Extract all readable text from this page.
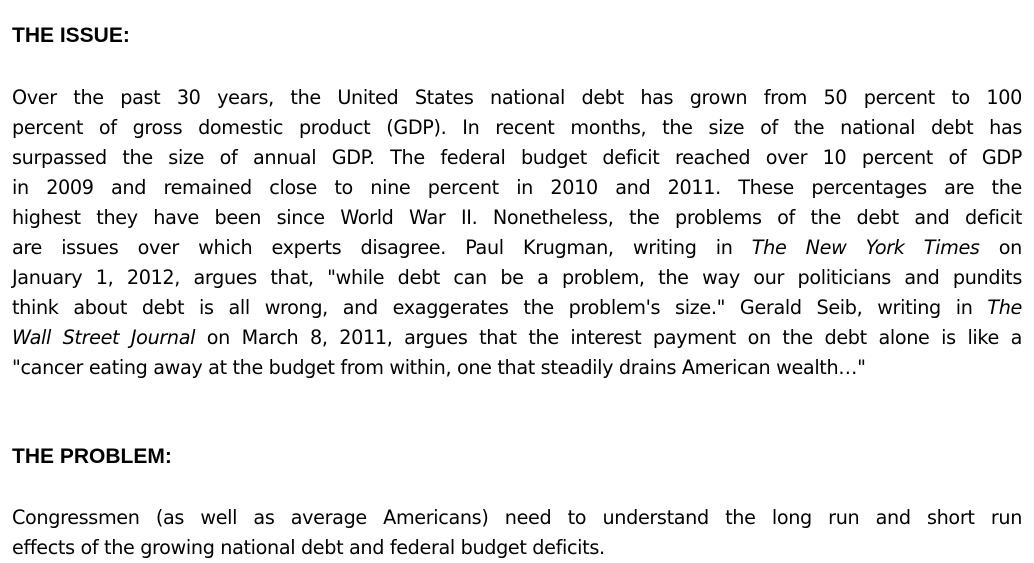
THE ISSUE:
Over the past 30 years, the United States national debt has grown from 50 percent to 100
percent of gross domestic product (GDP). In recent months, the size of the national debt has
surpassed the size of annual GDP. The federal budget deficit reached over 10 percent of GDP
in 2009 and remained close to nine percent in 2010 and 2011. These percentages are the
highest they have been since World War II. Nonetheless, the problems of the debt and deficit
are issues over which experts disagree. Paul Krugman, writing in The New York Times on
January 1, 2012, argues that, "while debt can be a problem, the way our politicians and pundits
think about debt is all wrong, and exaggerates the problem's size." Gerald Seib, writing in The
Wall Street Journal on March 8, 2011, argues that the interest payment on the debt alone is like a
"cancer eating away at the budget from within, one that steadily drains American wealth…"
THE PROBLEM:
Congressmen (as well as average Americans) need to understand the long run and short run
effects of the growing national debt and federal budget deficits.
